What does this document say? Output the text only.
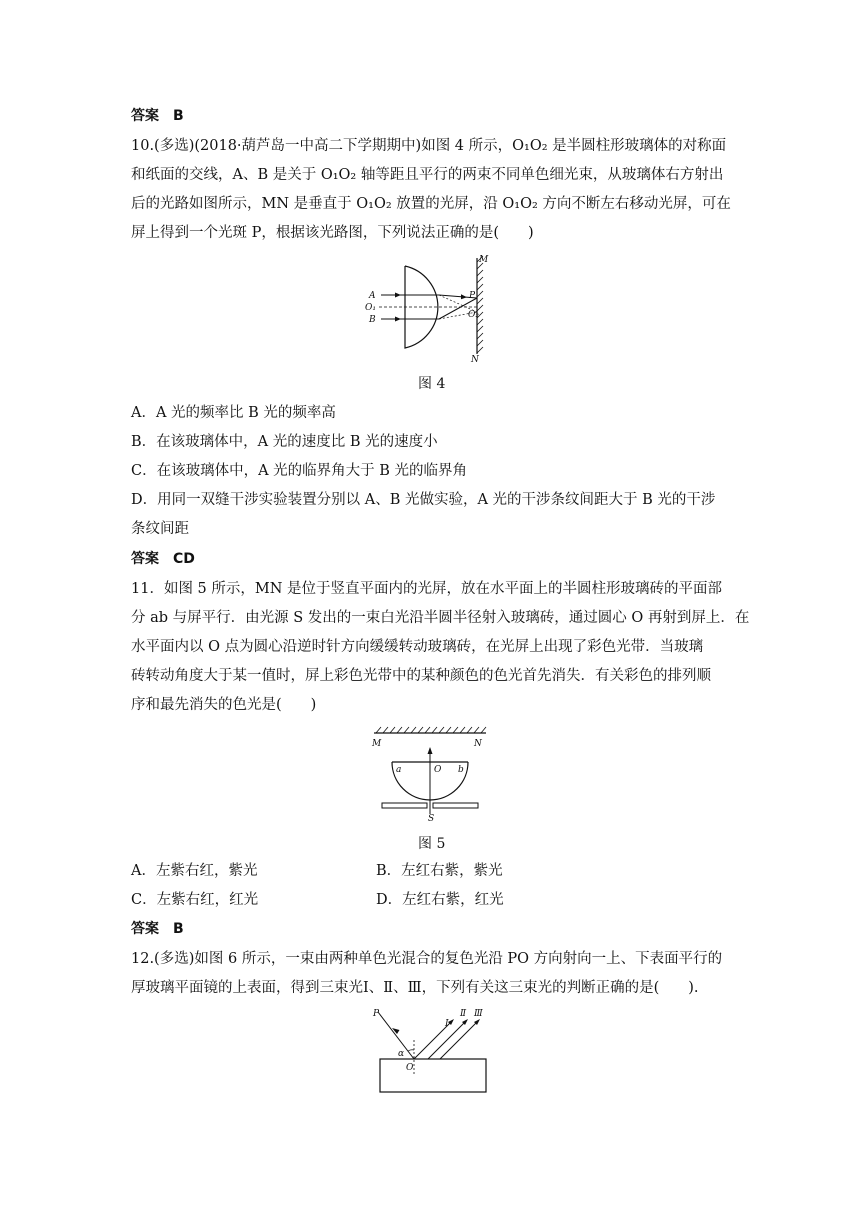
答案　B
10.(多选)(2018·葫芦岛一中高二下学期期中)如图 4 所示，O₁O₂ 是半圆柱形玻璃体的对称面
和纸面的交线，A、B 是关于 O₁O₂ 轴等距且平行的两束不同单色细光束，从玻璃体右方射出
后的光路如图所示，MN 是垂直于 O₁O₂ 放置的光屏，沿 O₁O₂ 方向不断左右移动光屏，可在
屏上得到一个光斑 P，根据该光路图，下列说法正确的是(　　)
M
N
A
O₁
B
P
O₂
图 4
A．A 光的频率比 B 光的频率高
B．在该玻璃体中，A 光的速度比 B 光的速度小
C．在该玻璃体中，A 光的临界角大于 B 光的临界角
D．用同一双缝干涉实验装置分别以 A、B 光做实验，A 光的干涉条纹间距大于 B 光的干涉
条纹间距
答案　CD
11．如图 5 所示，MN 是位于竖直平面内的光屏，放在水平面上的半圆柱形玻璃砖的平面部
分 ab 与屏平行．由光源 S 发出的一束白光沿半圆半径射入玻璃砖，通过圆心 O 再射到屏上．在
水平面内以 O 点为圆心沿逆时针方向缓缓转动玻璃砖，在光屏上出现了彩色光带．当玻璃
砖转动角度大于某一值时，屏上彩色光带中的某种颜色的色光首先消失．有关彩色的排列顺
序和最先消失的色光是(　　)
M	N
a	O b
S
图 5
A．左紫右红，紫光	B．左红右紫，紫光
C．左紫右红，红光	D．左红右紫，红光
答案　B
12.(多选)如图 6 所示，一束由两种单色光混合的复色光沿 PO 方向射向一上、下表面平行的
厚玻璃平面镜的上表面，得到三束光Ⅰ、Ⅱ、Ⅲ，下列有关这三束光的判断正确的是(　　).
P
Ⅰ
Ⅱ Ⅲ
α
O
